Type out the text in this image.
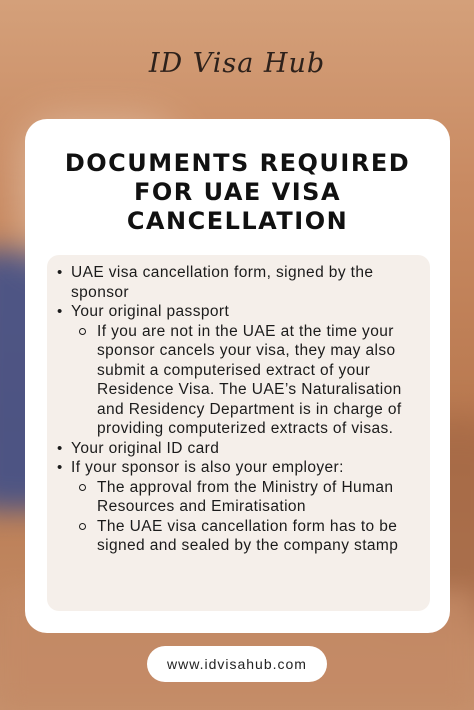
ID Visa Hub
DOCUMENTS REQUIRED
FOR UAE VISA
CANCELLATION
• UAE visa cancellation form, signed by the sponsor
• Your original passport
If you are not in the UAE at the time your sponsor cancels your visa, they may also submit a computerised extract of your Residence Visa. The UAE’s Naturalisation and Residency Department is in charge of providing computerized extracts of visas.
• Your original ID card
• If your sponsor is also your employer:
The approval from the Ministry of Human Resources and Emiratisation
The UAE visa cancellation form has to be signed and sealed by the company stamp
www.idvisahub.com
